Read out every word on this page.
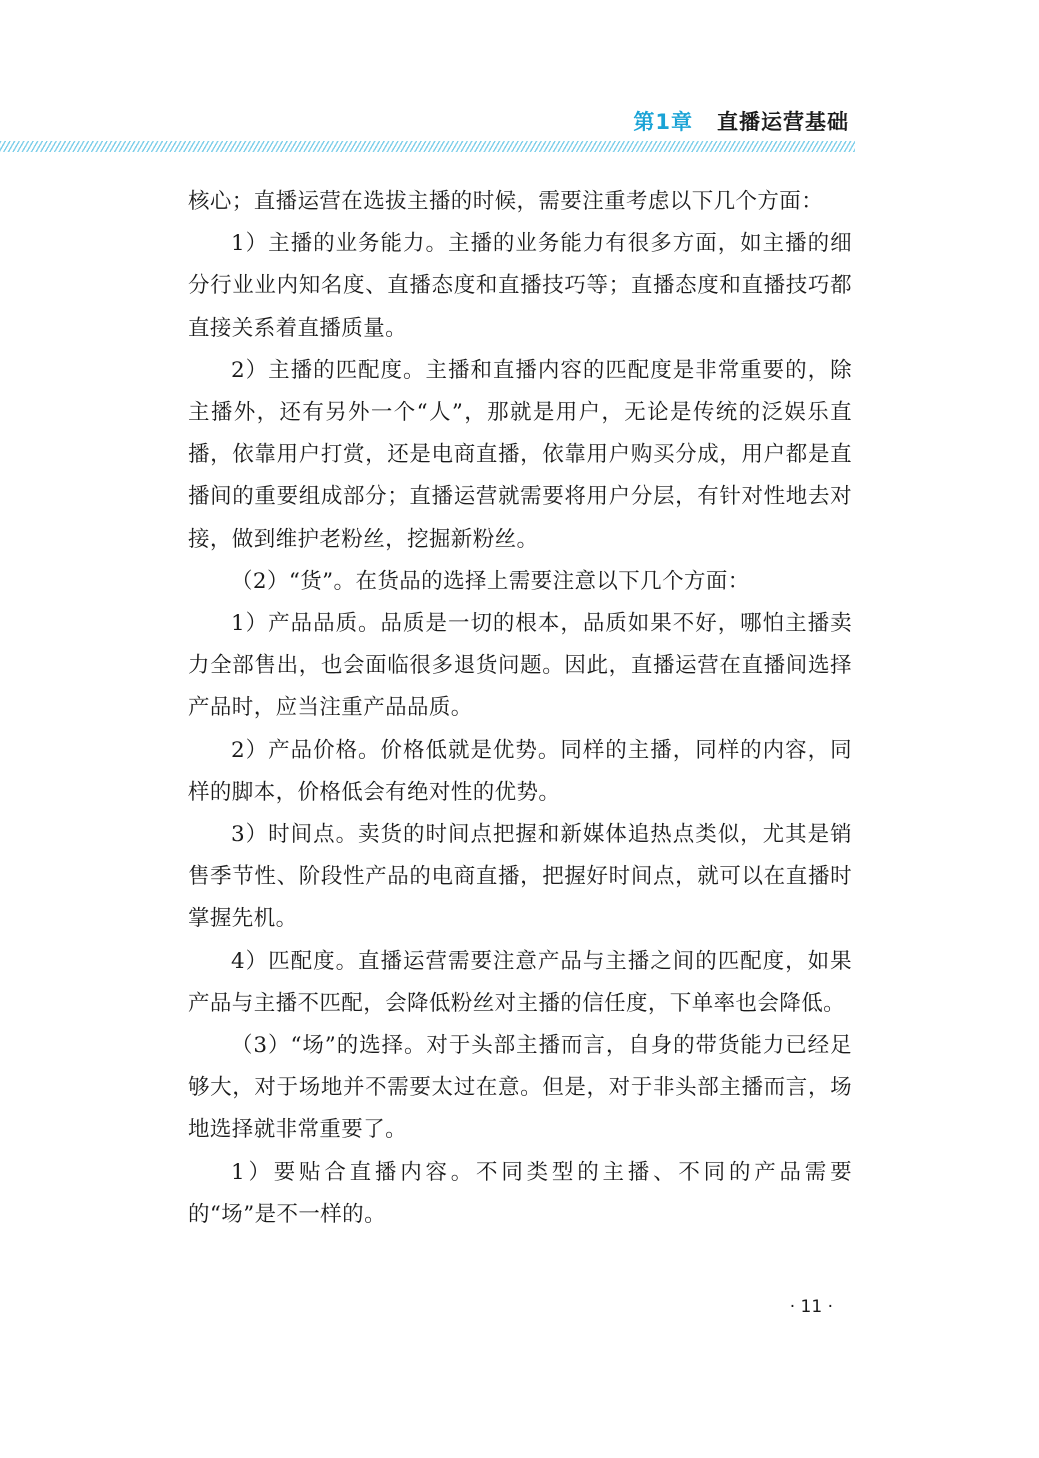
第1章 直播运营基础

核心；直播运营在选拔主播的时候，需要注重考虑以下几个方面：

1）主播的业务能力。主播的业务能力有很多方面，如主播的细分行业业内知名度、直播态度和直播技巧等；直播态度和直播技巧都直接关系着直播质量。

2）主播的匹配度。主播和直播内容的匹配度是非常重要的，除主播外，还有另外一个“人”，那就是用户，无论是传统的泛娱乐直播，依靠用户打赏，还是电商直播，依靠用户购买分成，用户都是直播间的重要组成部分；直播运营就需要将用户分层，有针对性地去对接，做到维护老粉丝，挖掘新粉丝。

（2）“货”。在货品的选择上需要注意以下几个方面：

1）产品品质。品质是一切的根本，品质如果不好，哪怕主播卖力全部售出，也会面临很多退货问题。因此，直播运营在直播间选择产品时，应当注重产品品质。

2）产品价格。价格低就是优势。同样的主播，同样的内容，同样的脚本，价格低会有绝对性的优势。

3）时间点。卖货的时间点把握和新媒体追热点类似，尤其是销售季节性、阶段性产品的电商直播，把握好时间点，就可以在直播时掌握先机。

4）匹配度。直播运营需要注意产品与主播之间的匹配度，如果产品与主播不匹配，会降低粉丝对主播的信任度，下单率也会降低。

（3）“场”的选择。对于头部主播而言，自身的带货能力已经足够大，对于场地并不需要太过在意。但是，对于非头部主播而言，场地选择就非常重要了。

1）要贴合直播内容。不同类型的主播、不同的产品需要的“场”是不一样的。

· 11 ·
